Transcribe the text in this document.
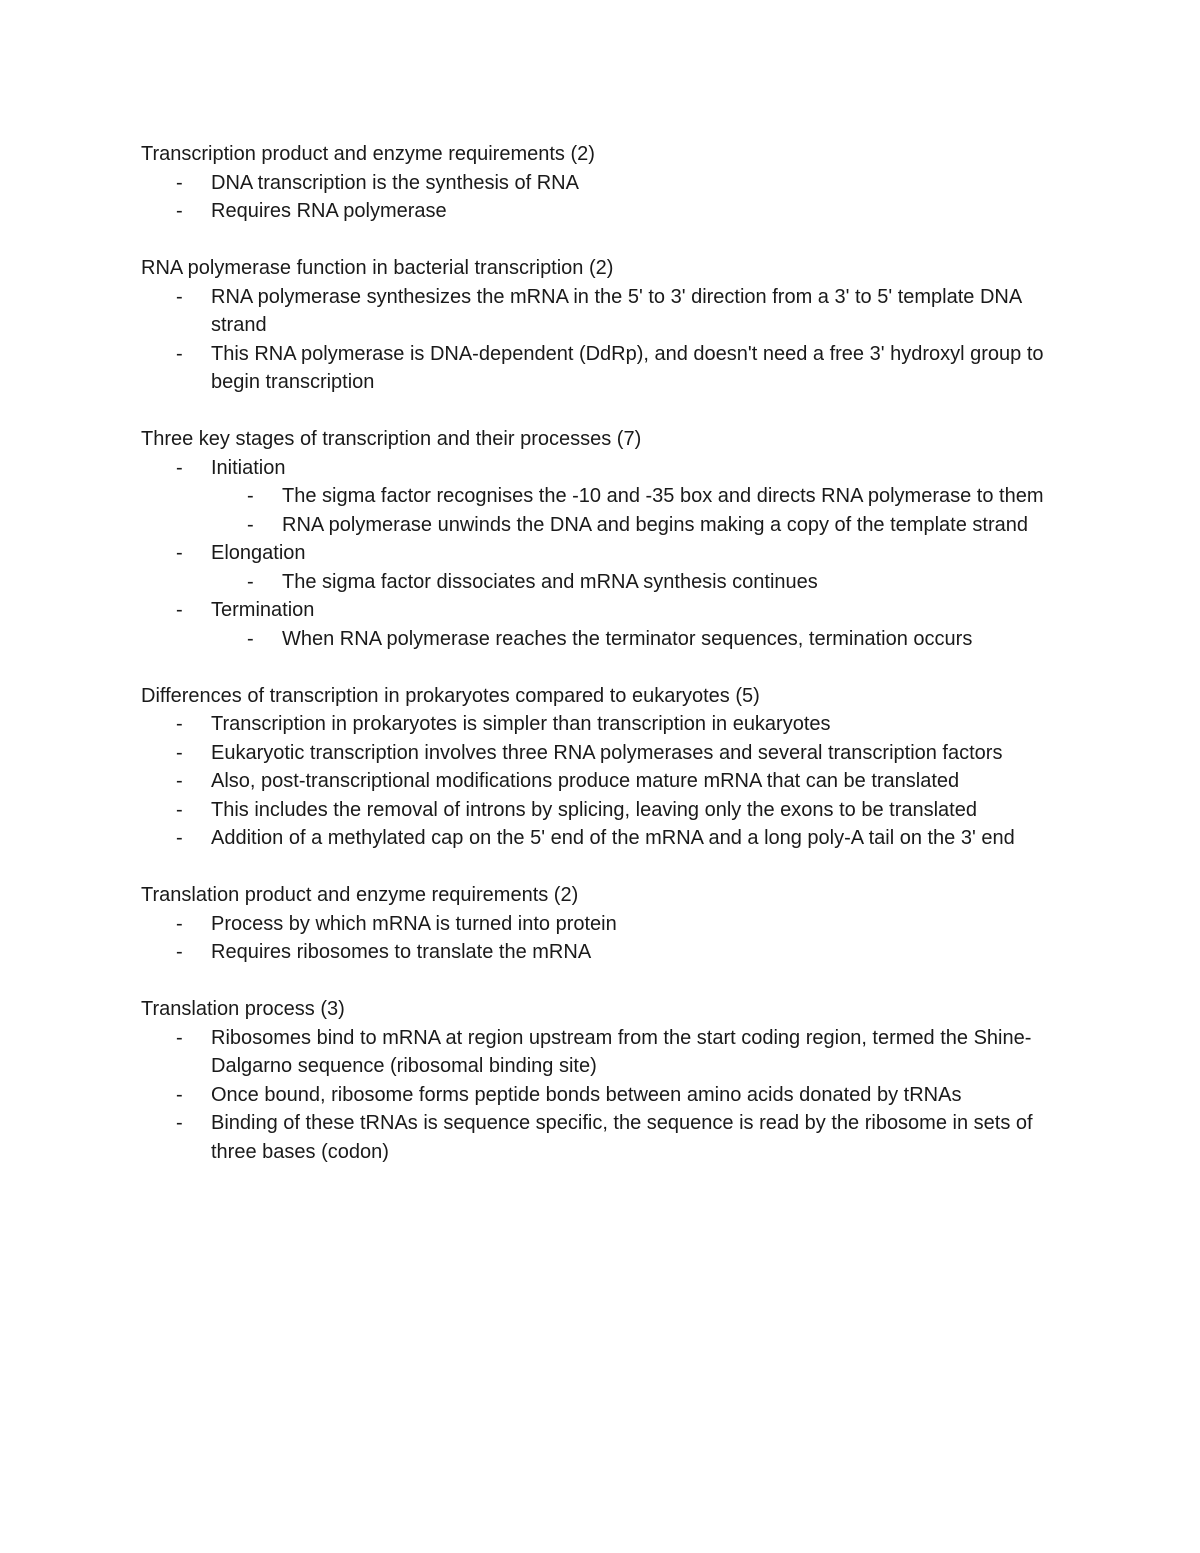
Transcription product and enzyme requirements (2)

- DNA transcription is the synthesis of RNA
- Requires RNA polymerase

RNA polymerase function in bacterial transcription (2)

- RNA polymerase synthesizes the mRNA in the 5' to 3' direction from a 3' to 5' template DNA strand
- This RNA polymerase is DNA-dependent (DdRp), and doesn't need a free 3' hydroxyl group to begin transcription

Three key stages of transcription and their processes (7)

- Initiation
- The sigma factor recognises the -10 and -35 box and directs RNA polymerase to them
- RNA polymerase unwinds the DNA and begins making a copy of the template strand
- Elongation
- The sigma factor dissociates and mRNA synthesis continues
- Termination
- When RNA polymerase reaches the terminator sequences, termination occurs

Differences of transcription in prokaryotes compared to eukaryotes (5)

- Transcription in prokaryotes is simpler than transcription in eukaryotes
- Eukaryotic transcription involves three RNA polymerases and several transcription factors
- Also, post-transcriptional modifications produce mature mRNA that can be translated
- This includes the removal of introns by splicing, leaving only the exons to be translated
- Addition of a methylated cap on the 5' end of the mRNA and a long poly-A tail on the 3' end

Translation product and enzyme requirements (2)

- Process by which mRNA is turned into protein
- Requires ribosomes to translate the mRNA

Translation process (3)

- Ribosomes bind to mRNA at region upstream from the start coding region, termed the Shine-Dalgarno sequence (ribosomal binding site)
- Once bound, ribosome forms peptide bonds between amino acids donated by tRNAs
- Binding of these tRNAs is sequence specific, the sequence is read by the ribosome in sets of three bases (codon)
